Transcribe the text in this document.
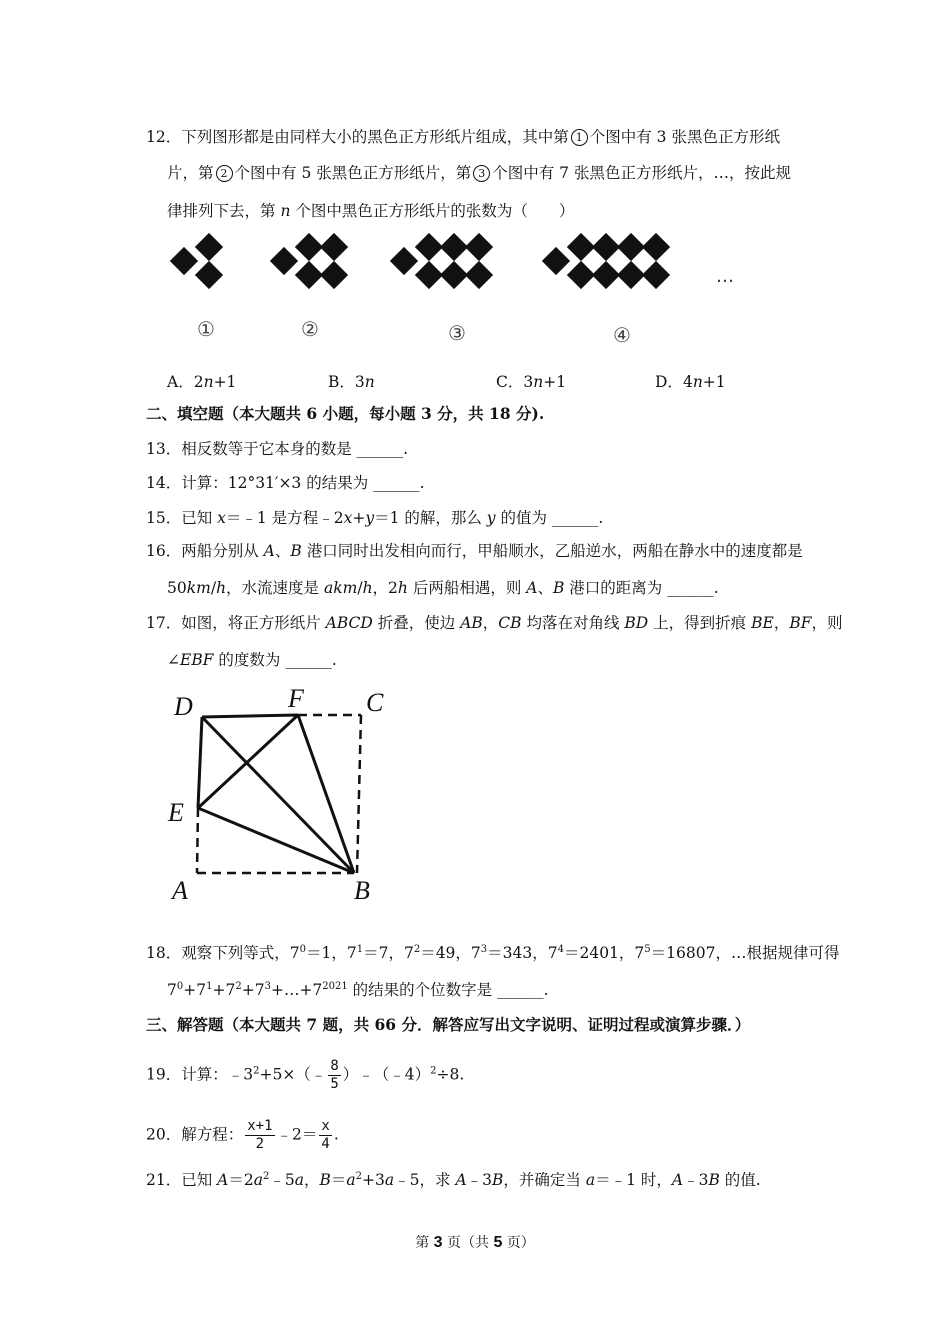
12．下列图形都是由同样大小的黑色正方形纸片组成，其中第 1 个图中有 3 张黑色正方形纸
片，第 2 个图中有 5 张黑色正方形纸片，第 3 个图中有 7 张黑色正方形纸片，…，按此规
律排列下去，第 n 个图中黑色正方形纸片的张数为（　　）
…
①	②	③	④
A．2n+1	B．3n	C．3n+1	D．4n+1
二、填空题（本大题共 6 小题，每小题 3 分，共 18 分).
13．相反数等于它本身的数是 ______.
14．计算：12°31′×3 的结果为 ______.
15．已知 x＝﹣1 是方程﹣2x+y＝1 的解，那么 y 的值为 ______.
16．两船分别从 A、B 港口同时出发相向而行，甲船顺水，乙船逆水，两船在静水中的速度都是
50km/h，水流速度是 akm/h，2h 后两船相遇，则 A、B 港口的距离为 ______.
17．如图，将正方形纸片 ABCD 折叠，使边 AB，CB 均落在对角线 BD 上，得到折痕 BE，BF，则
∠EBF 的度数为 ______.
D	F C
E
A	B
18．观察下列等式，$7^0=1$，$7^1=7$，$7^2=49$，$7^3=343$，$7^4=2401$，$7^5=16807$，…根据规律可得
$7^0+7^1+7^2+7^3+\dots+7^{2021}$ 的结果的个位数字是 ______.
三、解答题（本大题共 7 题，共 66 分．解答应写出文字说明、证明过程或演算步骤．）
19．计算：$﹣3^2+5\times(﹣ \frac{8}{5}$ ）﹣（﹣4）$^2$÷8.
20．解方程： $\frac{x+1}{2}$ ﹣2＝ $\frac{x}{4}$ .
21．已知 $A=2a^2﹣5a$，$B=a^2+3a﹣5$，求 A﹣3B，并确定当 a＝﹣1 时，A﹣3B 的值.
第 3 页（共 5 页）
